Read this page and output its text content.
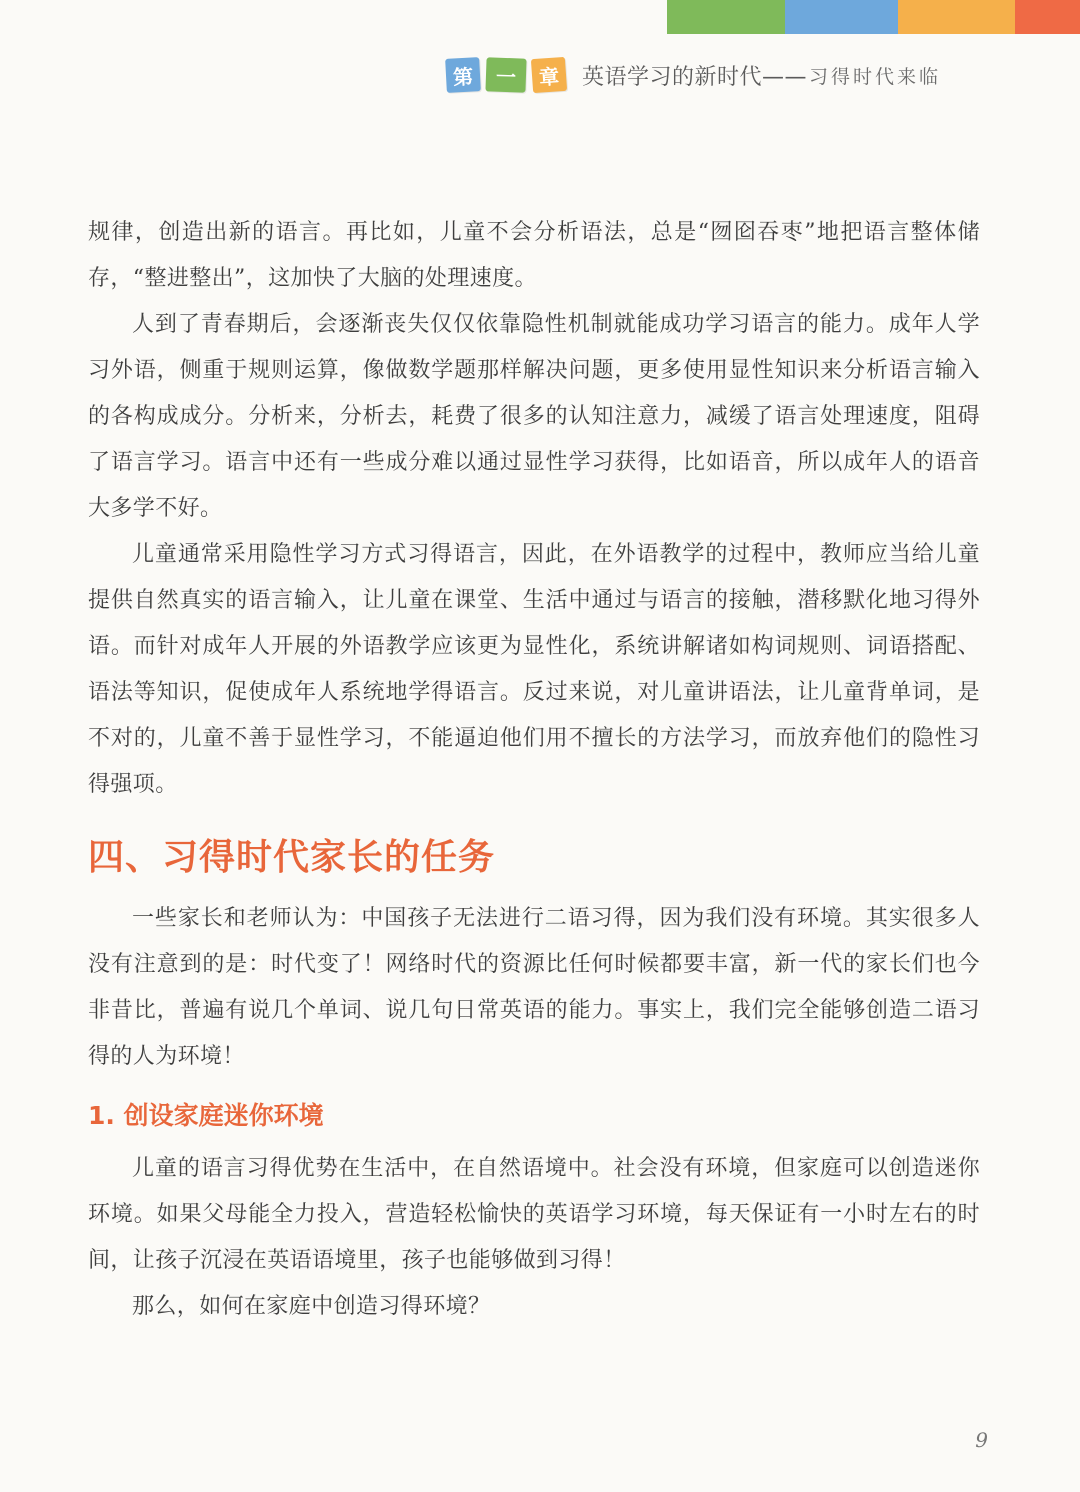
第	一	章	英语学习的新时代—— 习得时代来临

规律，创造出新的语言。再比如，儿童不会分析语法，总是“囫囵吞枣”地把语言整体储存，“整进整出”，这加快了大脑的处理速度。

人到了青春期后，会逐渐丧失仅仅依靠隐性机制就能成功学习语言的能力。成年人学习外语，侧重于规则运算，像做数学题那样解决问题，更多使用显性知识来分析语言输入的各构成成分。分析来，分析去，耗费了很多的认知注意力，减缓了语言处理速度，阻碍了语言学习。语言中还有一些成分难以通过显性学习获得，比如语音，所以成年人的语音大多学不好。

儿童通常采用隐性学习方式习得语言，因此，在外语教学的过程中，教师应当给儿童提供自然真实的语言输入，让儿童在课堂、生活中通过与语言的接触，潜移默化地习得外语。而针对成年人开展的外语教学应该更为显性化，系统讲解诸如构词规则、词语搭配、语法等知识，促使成年人系统地学得语言。反过来说，对儿童讲语法，让儿童背单词，是不对的，儿童不善于显性学习，不能逼迫他们用不擅长的方法学习，而放弃他们的隐性习得强项。

四、习得时代家长的任务

一些家长和老师认为：中国孩子无法进行二语习得，因为我们没有环境。其实很多人没有注意到的是：时代变了！网络时代的资源比任何时候都要丰富，新一代的家长们也今非昔比，普遍有说几个单词、说几句日常英语的能力。事实上，我们完全能够创造二语习得的人为环境！

1. 创设家庭迷你环境

儿童的语言习得优势在生活中，在自然语境中。社会没有环境，但家庭可以创造迷你环境。如果父母能全力投入，营造轻松愉快的英语学习环境，每天保证有一小时左右的时间，让孩子沉浸在英语语境里，孩子也能够做到习得！

那么，如何在家庭中创造习得环境？

9
